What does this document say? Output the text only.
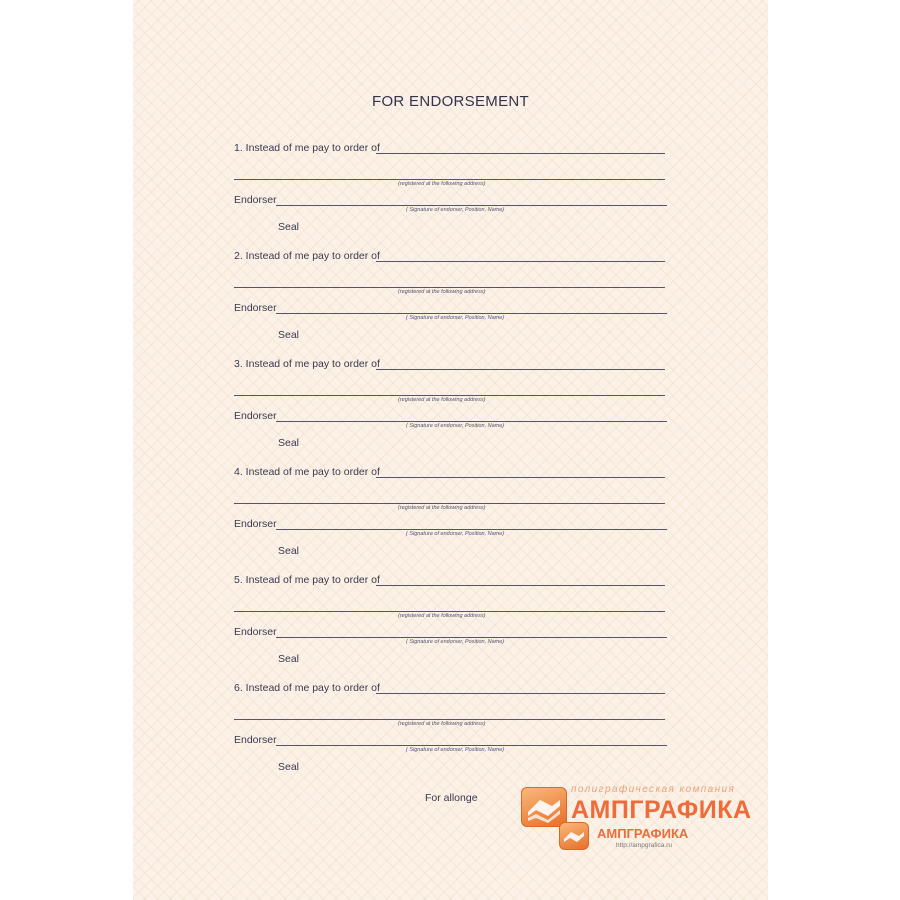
FOR ENDORSEMENT
1. Instead of me pay to order of
(registered at the following address)
Endorser
( Signature of endorser, Position, Name)
Seal
2. Instead of me pay to order of
(registered at the following address)
Endorser
( Signature of endorser, Position, Name)
Seal
3. Instead of me pay to order of
(registered at the following address)
Endorser
( Signature of endorser, Position, Name)
Seal
4. Instead of me pay to order of
(registered at the following address)
Endorser
( Signature of endorser, Position, Name)
Seal
5. Instead of me pay to order of
(registered at the following address)
Endorser
( Signature of endorser, Position, Name)
Seal
6. Instead of me pay to order of
(registered at the following address)
Endorser
( Signature of endorser, Position, Name)
Seal
For allonge
полиграфическая компания
АМПГРАФИКА
АМПГРАФИКА
http://ampgrafica.ru
